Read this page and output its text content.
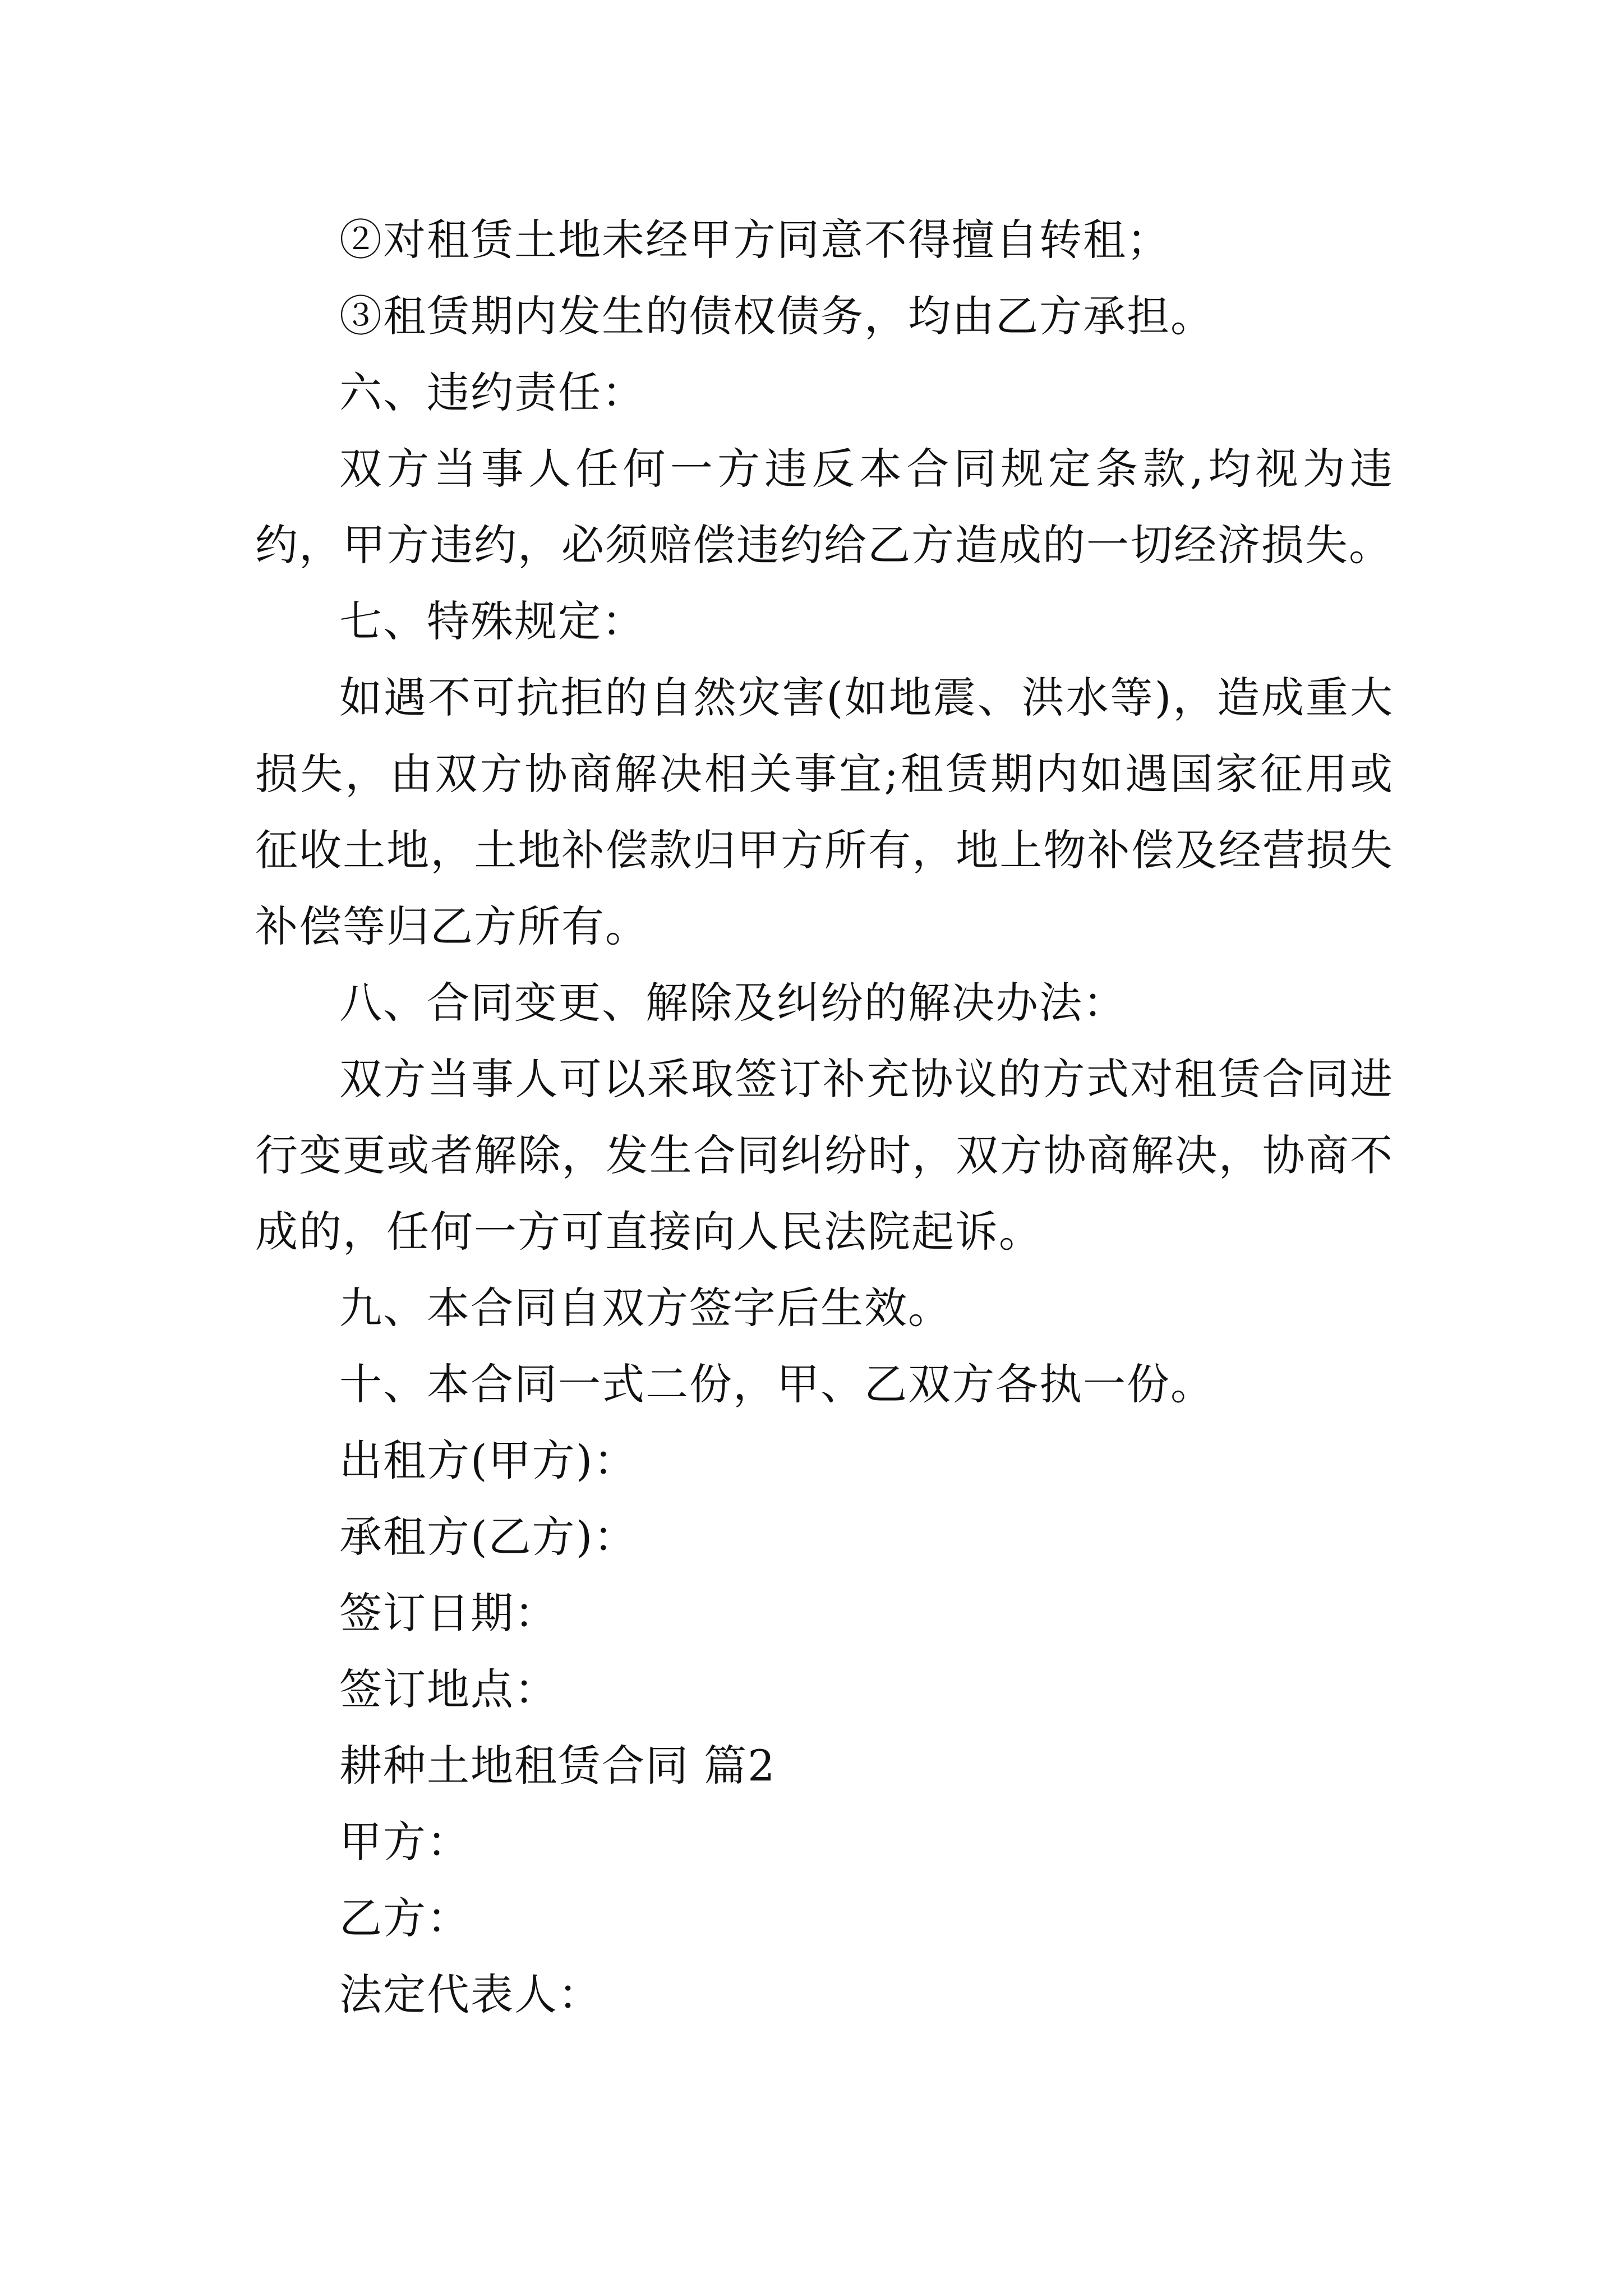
②对租赁土地未经甲方同意不得擅自转租；

③租赁期内发生的债权债务，均由乙方承担。

六、违约责任：

双方当事人任何一方违反本合同规定条款,均视为违约，甲方违约，必须赔偿违约给乙方造成的一切经济损失。

七、特殊规定：

如遇不可抗拒的自然灾害(如地震、洪水等)，造成重大损失，由双方协商解决相关事宜;租赁期内如遇国家征用或征收土地，土地补偿款归甲方所有，地上物补偿及经营损失补偿等归乙方所有。

八、合同变更、解除及纠纷的解决办法：

双方当事人可以采取签订补充协议的方式对租赁合同进行变更或者解除，发生合同纠纷时，双方协商解决，协商不成的，任何一方可直接向人民法院起诉。

九、本合同自双方签字后生效。

十、本合同一式二份，甲、乙双方各执一份。

出租方(甲方)：

承租方(乙方)：

签订日期：

签订地点：

耕种土地租赁合同 篇2

甲方：

乙方：

法定代表人：
